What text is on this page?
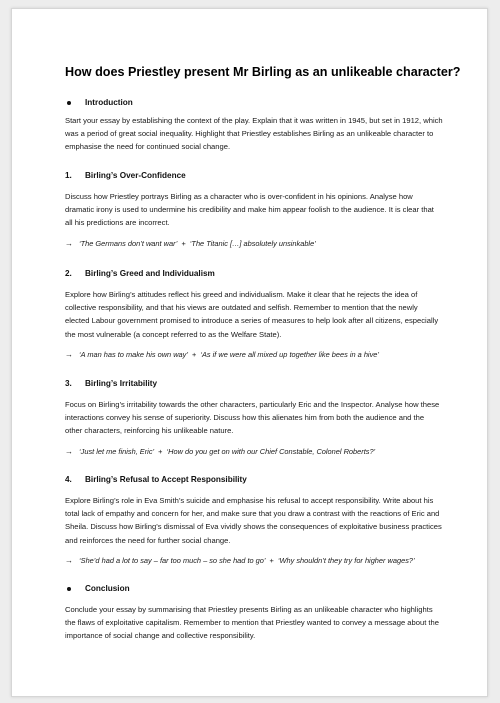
How does Priestley present Mr Birling as an unlikeable character?
Introduction

Start your essay by establishing the context of the play. Explain that it was written in 1945, but set in 1912, which was a period of great social inequality. Highlight that Priestley establishes Birling as an unlikeable character to emphasise the need for continued social change.

1.	Birling’s Over-Confidence

Discuss how Priestley portrays Birling as a character who is over-confident in his opinions. Analyse how dramatic irony is used to undermine his credibility and make him appear foolish to the audience. It is clear that all his predictions are incorrect.

→ ‘The Germans don’t want war’ + ‘The Titanic […] absolutely unsinkable’
2.	Birling’s Greed and Individualism

Explore how Birling’s attitudes reflect his greed and individualism. Make it clear that he rejects the idea of collective responsibility, and that his views are outdated and selfish. Remember to mention that the newly elected Labour government promised to introduce a series of measures to help look after all citizens, especially the most vulnerable (a concept referred to as the Welfare State).

→ ‘A man has to make his own way’ + ‘As if we were all mixed up together like bees in a hive’
3.	Birling’s Irritability

Focus on Birling’s irritability towards the other characters, particularly Eric and the Inspector. Analyse how these interactions convey his sense of superiority. Discuss how this alienates him from both the audience and the other characters, reinforcing his unlikeable nature.

→ ‘Just let me finish, Eric’ + ‘How do you get on with our Chief Constable, Colonel Roberts?’
4.	Birling’s Refusal to Accept Responsibility

Explore Birling’s role in Eva Smith’s suicide and emphasise his refusal to accept responsibility. Write about his total lack of empathy and concern for her, and make sure that you draw a contrast with the reactions of Eric and Sheila. Discuss how Birling’s dismissal of Eva vividly shows the consequences of exploitative business practices and reinforces the need for further social change.

→ ‘She’d had a lot to say – far too much – so she had to go’ + ‘Why shouldn’t they try for higher wages?’
Conclusion

Conclude your essay by summarising that Priestley presents Birling as an unlikeable character who highlights the flaws of exploitative capitalism. Remember to mention that Priestley wanted to convey a message about the importance of social change and collective responsibility.
